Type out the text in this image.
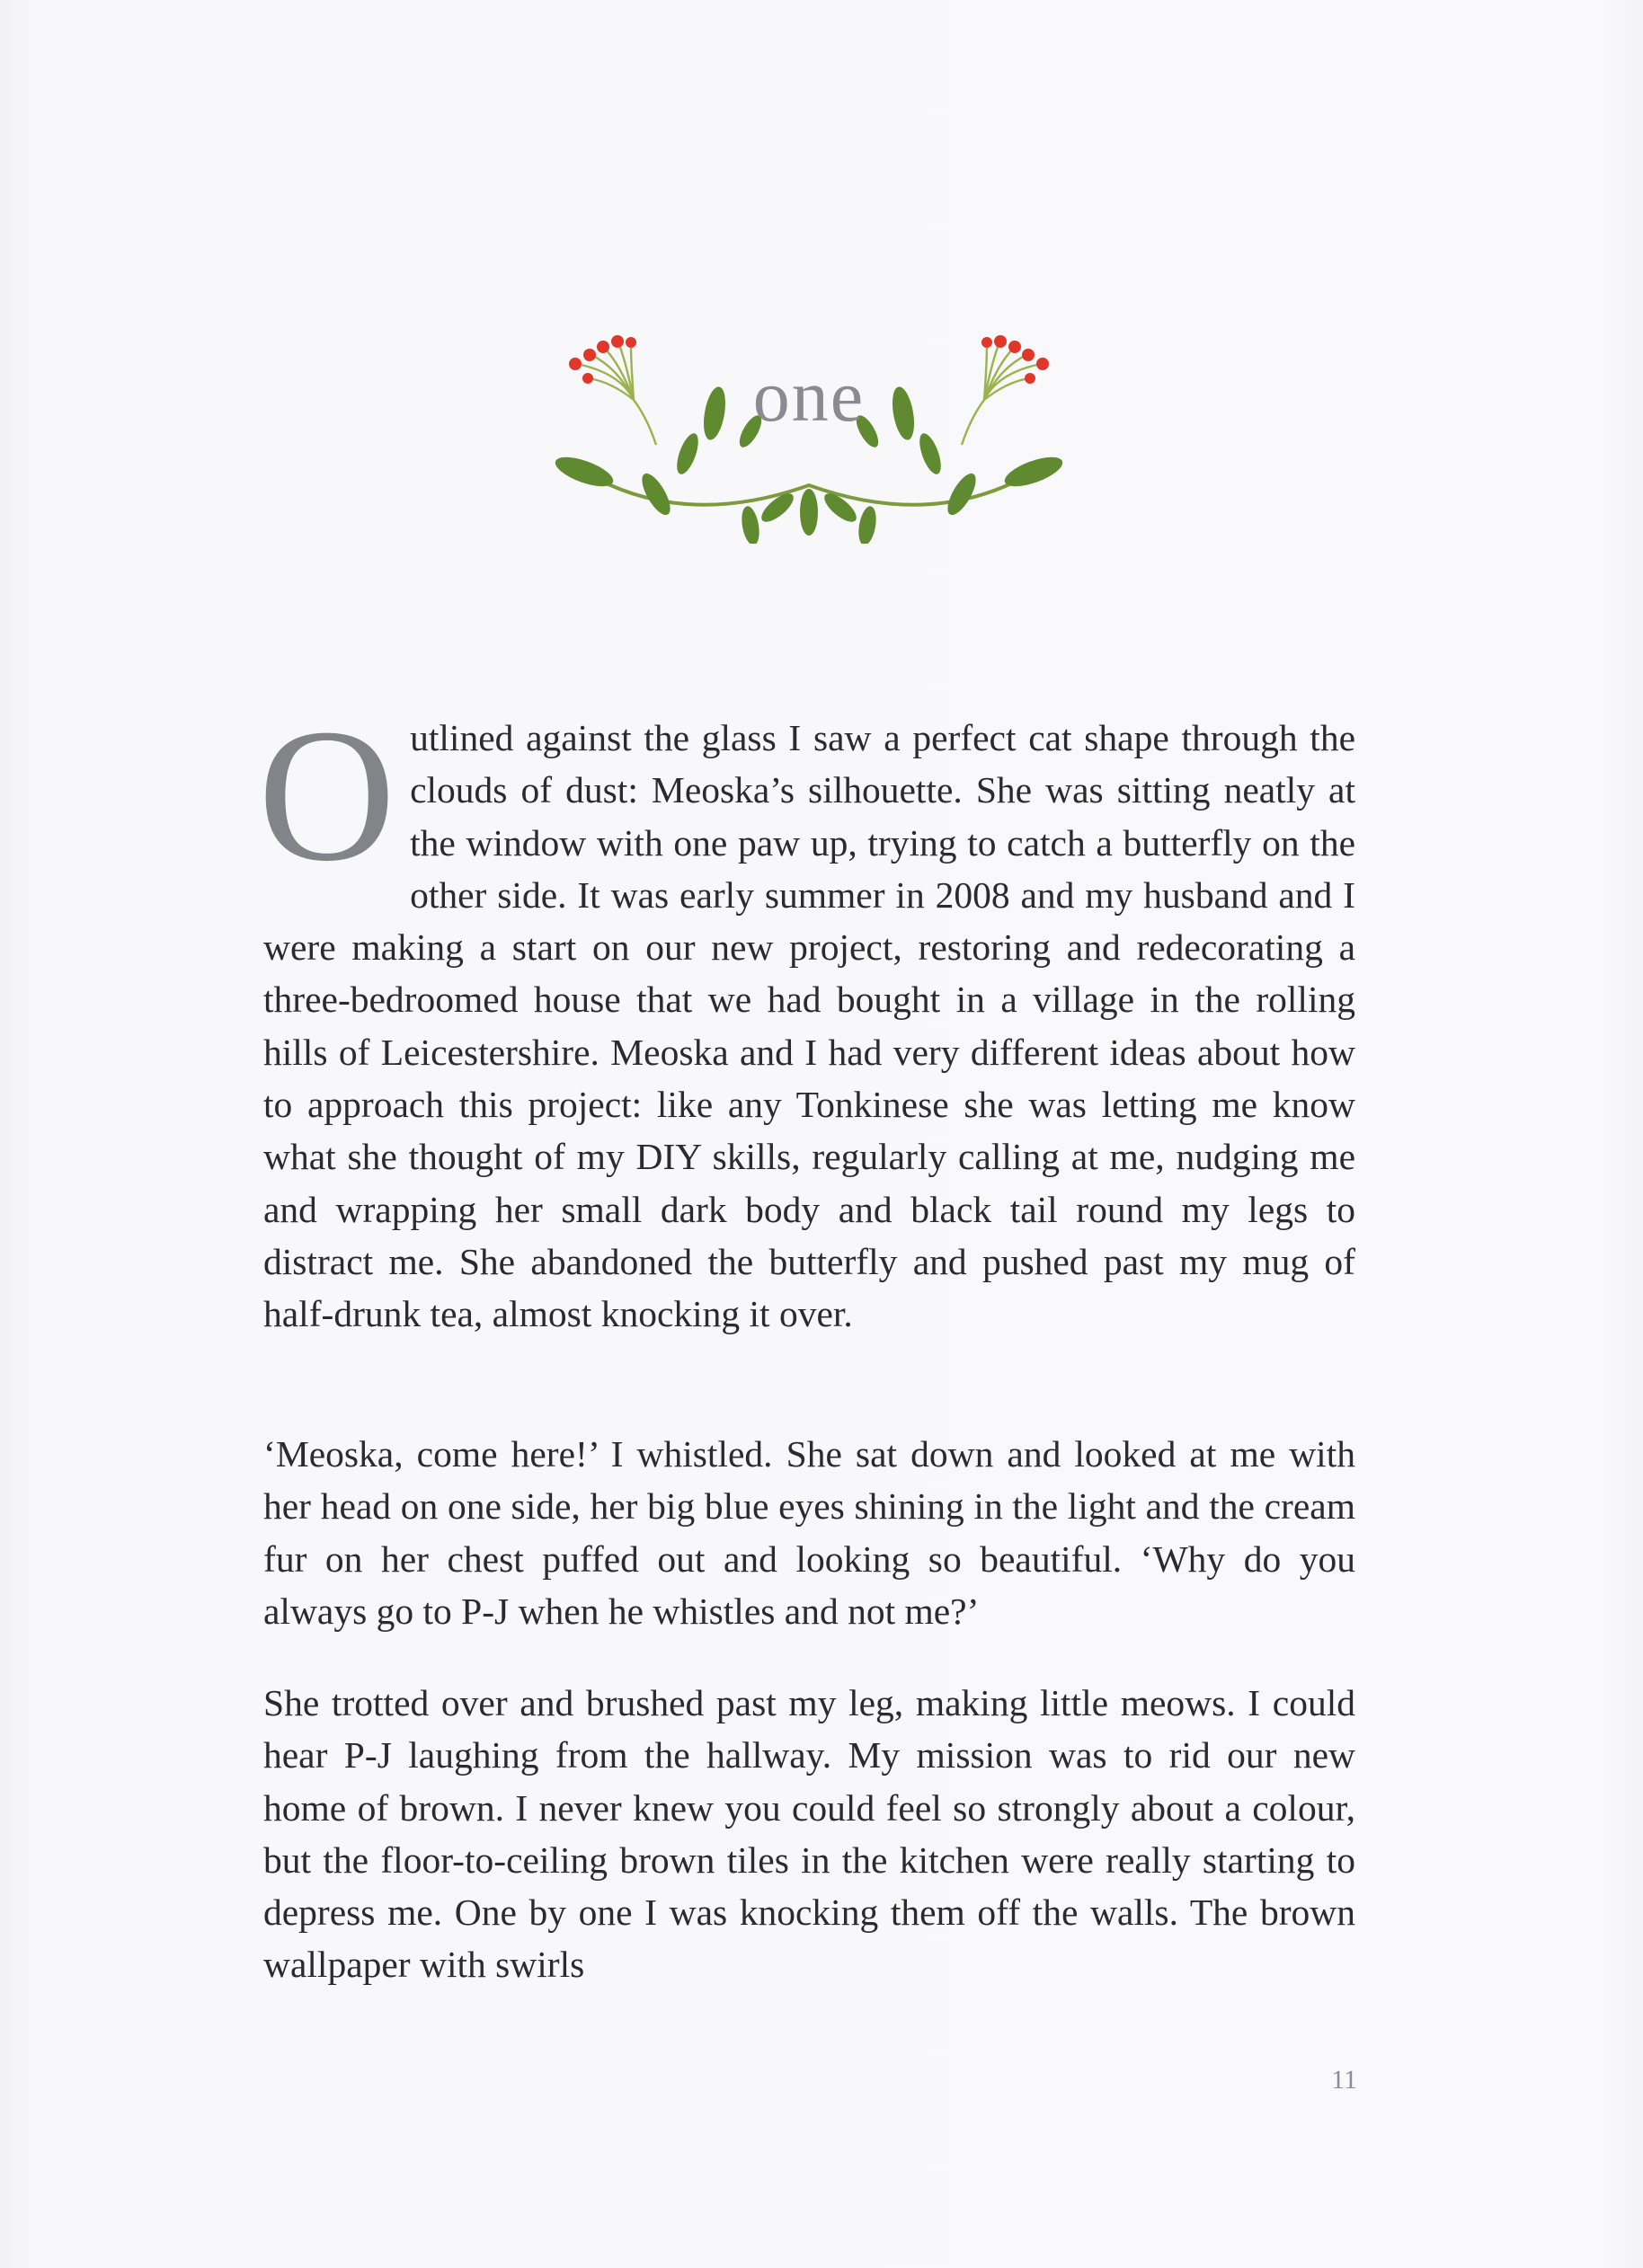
one
O utlined against the glass I saw a perfect cat shape through the clouds of dust: Meoska’s silhouette. She was sitting neatly at the window with one paw up, trying to catch a butterfly on the other side. It was early summer in 2008 and my husband and I were making a start on our new project, restoring and redecorating a three-bedroomed house that we had bought in a village in the rolling hills of Leicestershire. Meoska and I had very different ideas about how to approach this project: like any Tonkinese she was letting me know what she thought of my DIY skills, regularly calling at me, nudging me and wrapping her small dark body and black tail round my legs to distract me. She abandoned the butterfly and pushed past my mug of half-drunk tea, almost knocking it over.

‘Meoska, come here!’ I whistled. She sat down and looked at me with her head on one side, her big blue eyes shining in the light and the cream fur on her chest puffed out and looking so beautiful. ‘Why do you always go to P-J when he whistles and not me?’

She trotted over and brushed past my leg, making little meows. I could hear P-J laughing from the hallway. My mission was to rid our new home of brown. I never knew you could feel so strongly about a colour, but the floor-to-ceiling brown tiles in the kitchen were really starting to depress me. One by one I was knocking them off the walls. The brown wallpaper with swirls

11
